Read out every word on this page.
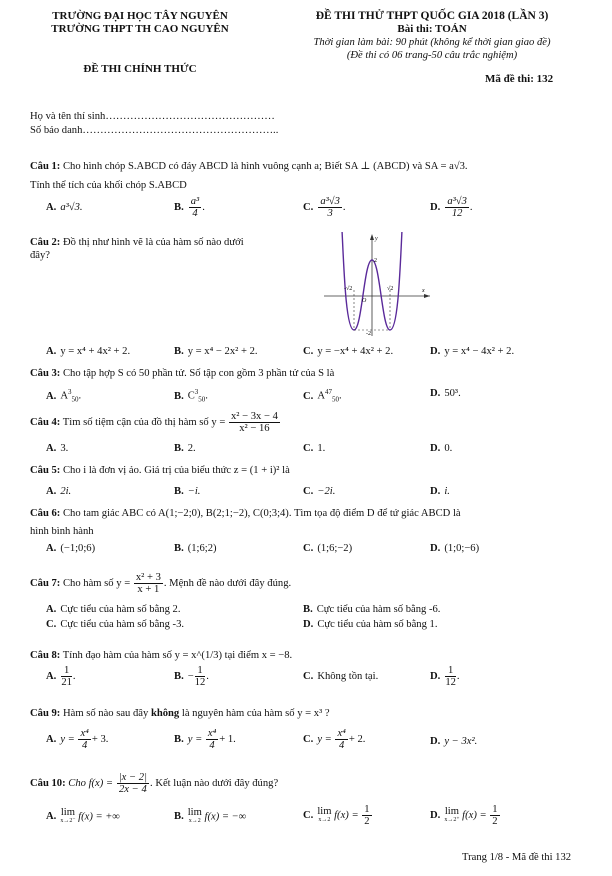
TRƯỜNG ĐẠI HỌC TÂY NGUYÊN
TRƯỜNG THPT TH CAO NGUYÊN
ĐỀ THI CHÍNH THỨC
ĐỀ THI THỬ THPT QUỐC GIA 2018 (LẦN 3)
Bài thi: TOÁN
Thời gian làm bài: 90 phút (không kể thời gian giao đề)
(Đề thi có 06 trang-50 câu trắc nghiệm)
Mã đề thi: 132
Họ và tên thí sinh…………………………………………
Số báo danh………………………………………………..
Câu 1: Cho hình chóp S.ABCD có đáy ABCD là hình vuông cạnh a; Biết SA ⊥ (ABCD) và SA = a√3.
Tính thể tích của khối chóp S.ABCD
A. a³√3.	B. $\frac{\text{a³}}{4}$ .	C. $\frac{\text{a³√3}}{3}$ .	D. $\frac{\text{a³√3}}{12}$ .
Câu 2: Đồ thị như hình vẽ là của hàm số nào dưới
đây?	2
O
-2
-√2	√2
y
x
A. y = x⁴ + 4x² + 2.	B. y = x⁴ − 2x² + 2.	C. y = −x⁴ + 4x² + 2.	D. y = x⁴ − 4x² + 2.
Câu 3: Cho tập hợp S có 50 phần tử. Số tập con gồm 3 phần tử của S là
A. $A^3_{50}$.	B. $C^3_{50}$.	C. $A^{47}_{50}$.	D. 50³.
Câu 4: Tìm số tiệm cận của đồ thị hàm số $y = \frac{\text{x² − 3x − 4}}{\text{x² − 16}}$
A. 3.	B. 2.	C. 1.	D. 0.
Câu 5: Cho i là đơn vị ảo. Giá trị của biểu thức z = (1 + i)² là
A. 2i.	B. −i.	C. −2i.	D. i.
Câu 6: Cho tam giác ABC có A(1;−2;0), B(2;1;−2), C(0;3;4). Tìm tọa độ điểm D để tứ giác ABCD là
hình bình hành
A. (−1;0;6)	B. (1;6;2)	C. (1;6;−2)	D. (1;0;−6)
Câu 7: Cho hàm số $y = \frac{\text{x² + 3}}{x + 1}$ . Mệnh đề nào dưới đây đúng.
A. Cực tiểu của hàm số bằng 2.	B. Cực tiểu của hàm số bằng -6.
C. Cực tiểu của hàm số bằng -3.	D. Cực tiểu của hàm số bằng 1.
Câu 8: Tính đạo hàm của hàm số y = x^(1/3) tại điểm x = −8.
A. $\frac{1}{21}$ .	B. − $\frac{1}{12}$ .	C. Không tồn tại.	D. $\frac{1}{12}$ .
Câu 9: Hàm số nào sau đây không là nguyên hàm của hàm số y = x³ ?
A. $y = \frac{\text{x⁴}}{4} + 3$.	B. $y = \frac{\text{x⁴}}{4} + 1$.	C. $y = \frac{\text{x⁴}}{4} + 2$.	D. y − 3x².
Câu 10: Cho $f(x) = \frac{|x - 2|}{2x - 4}$ . Kết luận nào dưới đây đúng?
A. lim
x→2⁻ f(x) = +∞	B. lim
x→2 f(x) = −∞	C. lim
x→2 $f(x) = \frac{1}{2}$	D. lim
x→2⁺ $f(x) = \frac{1}{2}$
Trang 1/8 - Mã đề thi 132
